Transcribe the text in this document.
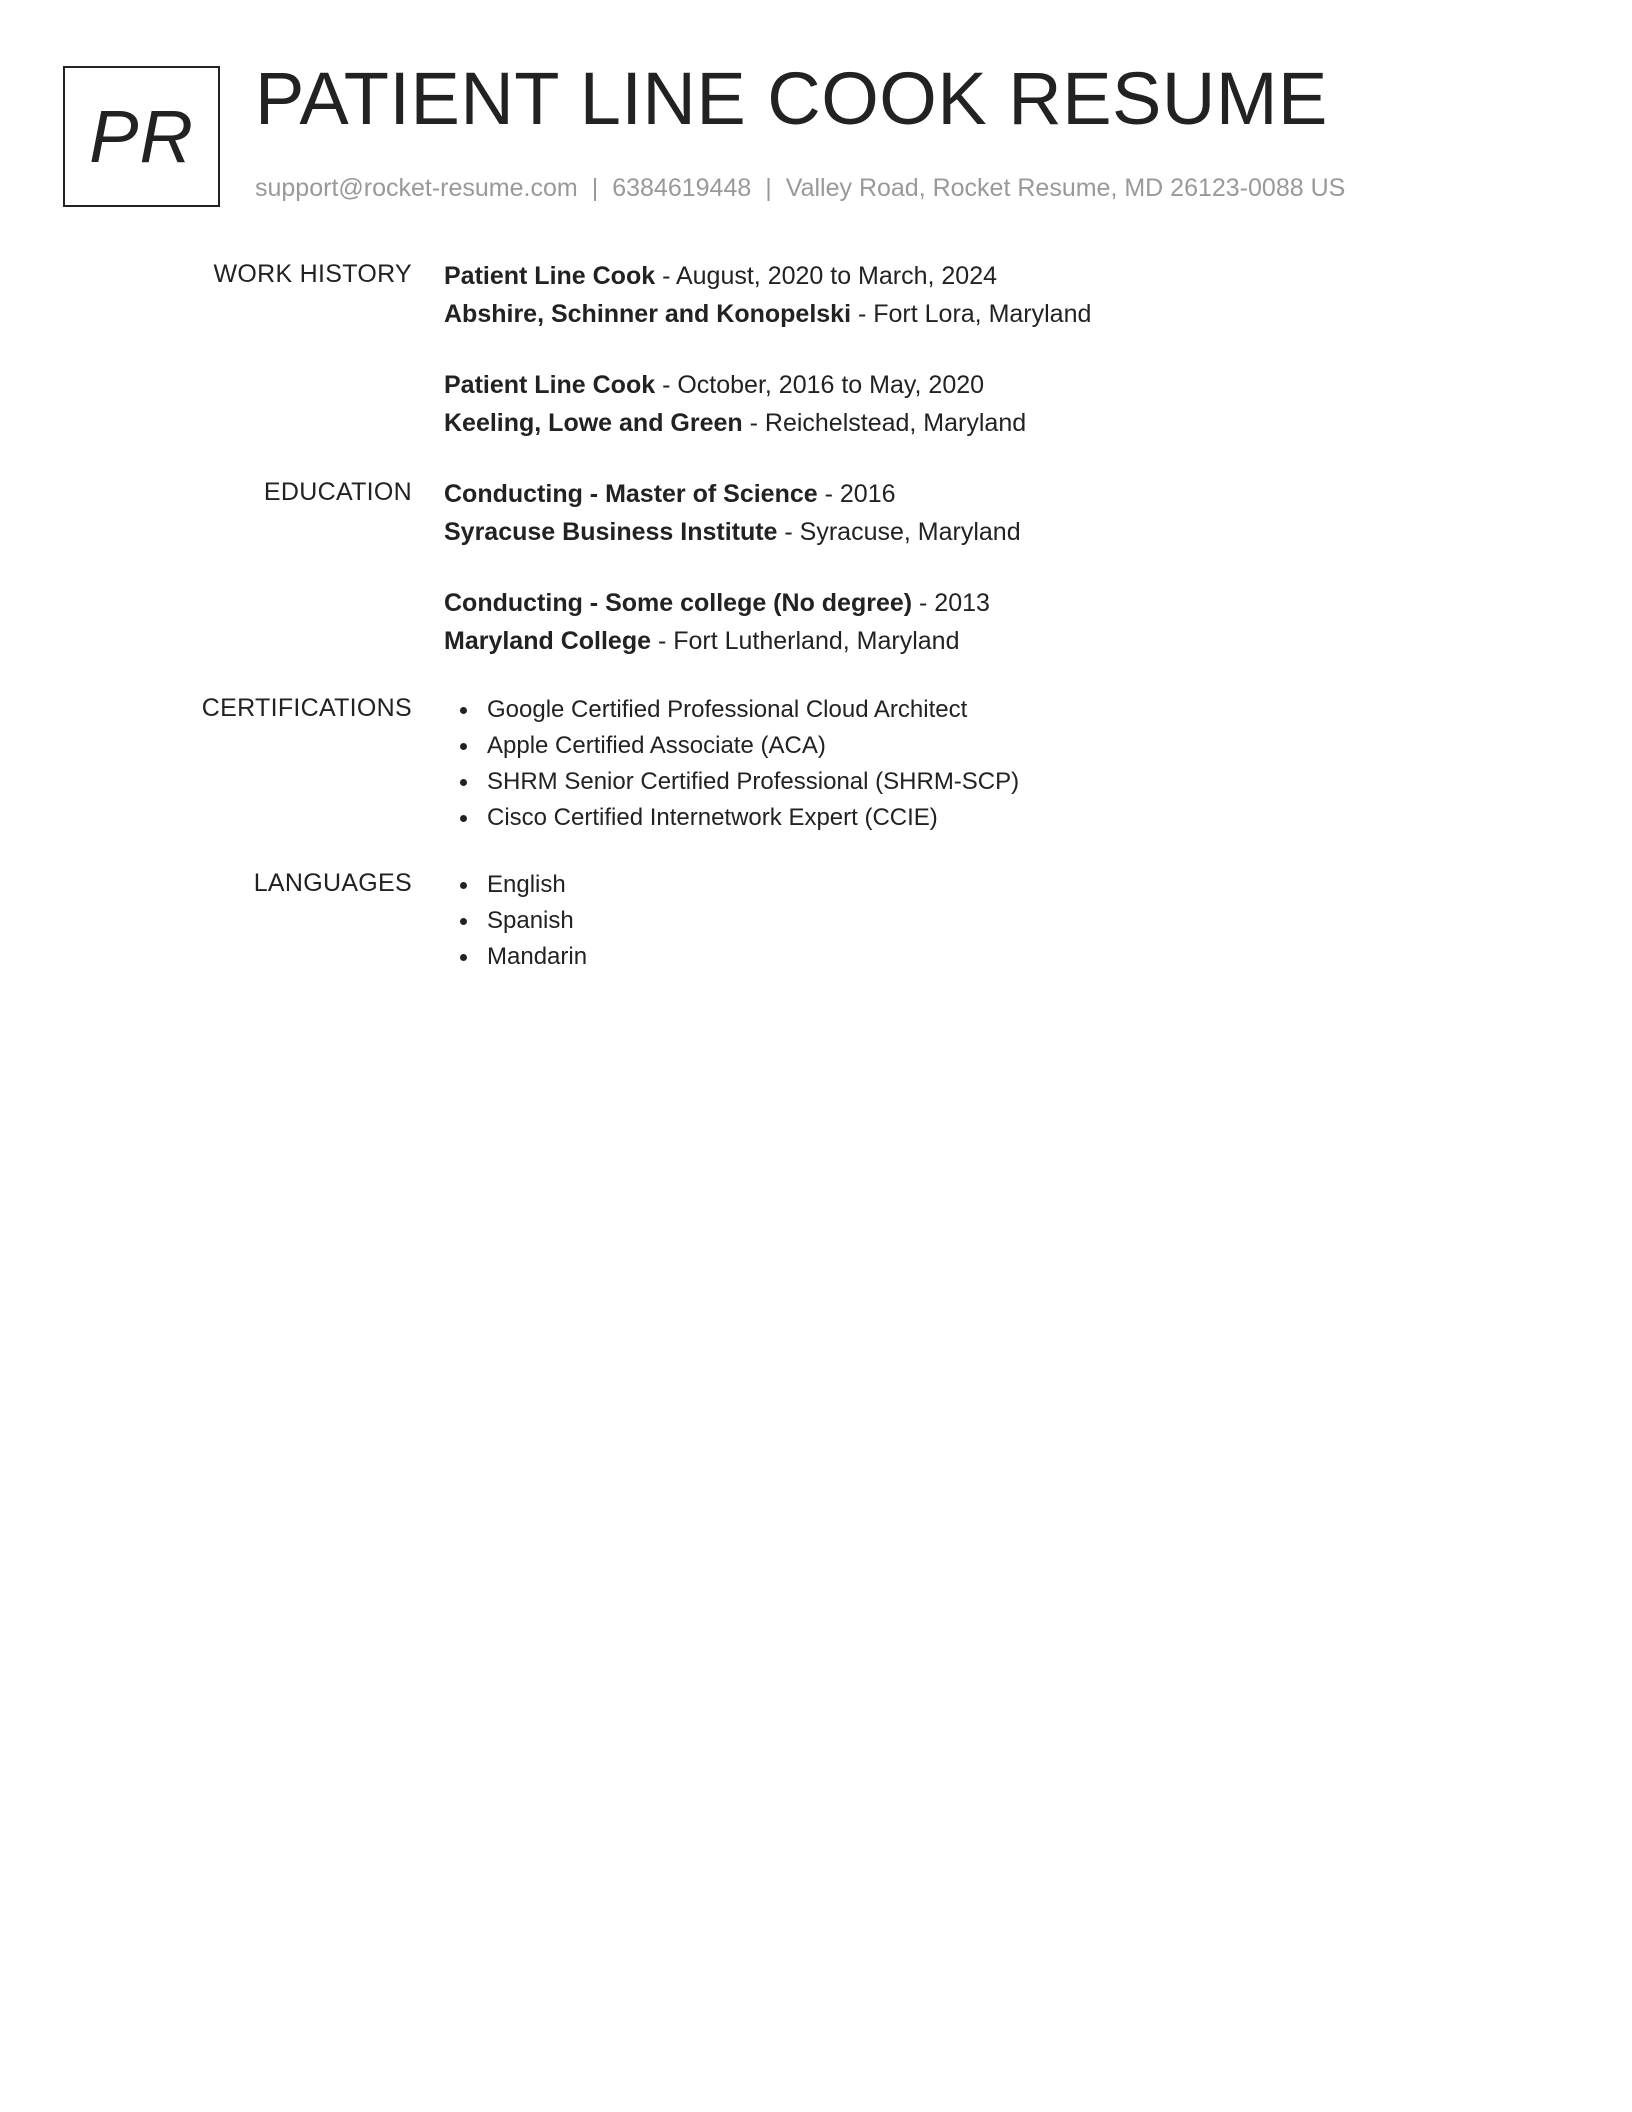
PR PATIENT LINE COOK RESUME
support@rocket-resume.com | 6384619448 | Valley Road, Rocket Resume, MD 26123-0088 US
WORK HISTORY Patient Line Cook - August, 2020 to March, 2024
Abshire, Schinner and Konopelski - Fort Lora, Maryland
Patient Line Cook - October, 2016 to May, 2020
Keeling, Lowe and Green - Reichelstead, Maryland
EDUCATION Conducting - Master of Science - 2016
Syracuse Business Institute - Syracuse, Maryland
Conducting - Some college (No degree) - 2013
Maryland College - Fort Lutherland, Maryland
CERTIFICATIONS	Google Certified Professional Cloud Architect
Apple Certified Associate (ACA)
SHRM Senior Certified Professional (SHRM-SCP)
Cisco Certified Internetwork Expert (CCIE)
LANGUAGES	English
Spanish
Mandarin
